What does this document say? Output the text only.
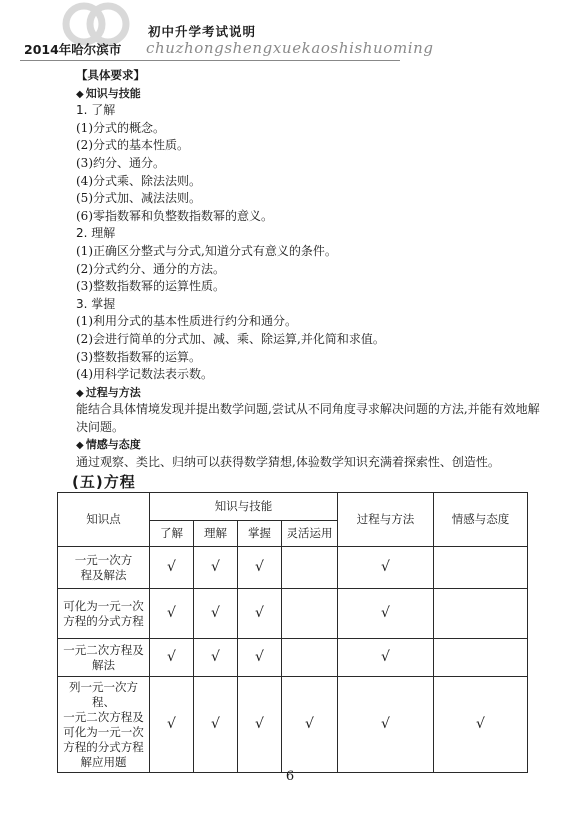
初中升学考试说明
2014年哈尔滨市 chuzhongshengxuekaoshishuoming
【具体要求】
◆ 知识与技能
1. 了解
(1)分式的概念。
(2)分式的基本性质。
(3)约分、通分。
(4)分式乘、除法法则。
(5)分式加、减法法则。
(6)零指数幂和负整数指数幂的意义。
2. 理解
(1)正确区分整式与分式,知道分式有意义的条件。
(2)分式约分、通分的方法。
(3)整数指数幂的运算性质。
3. 掌握
(1)利用分式的基本性质进行约分和通分。
(2)会进行简单的分式加、减、乘、除运算,并化简和求值。
(3)整数指数幂的运算。
(4)用科学记数法表示数。
◆ 过程与方法
能结合具体情境发现并提出数学问题,尝试从不同角度寻求解决问题的方法,并能有效地解决问题。
◆ 情感与态度
通过观察、类比、归纳可以获得数学猜想,体验数学知识充满着探索性、创造性。
(五)方程
知识点	知识与技能				过程与方法	情感与态度
	了解	理解	掌握	灵活运用		

一元一次方
程及解法	√	√	√		√	

可化为一元一次
方程的分式方程	√	√	√		√	

一元二次方程及
解法	√	√	√		√	

列一元一次方程、
一元二次方程及
可化为一元一次
方程的分式方程
解应用题	√	√	√	√	√	√
6
